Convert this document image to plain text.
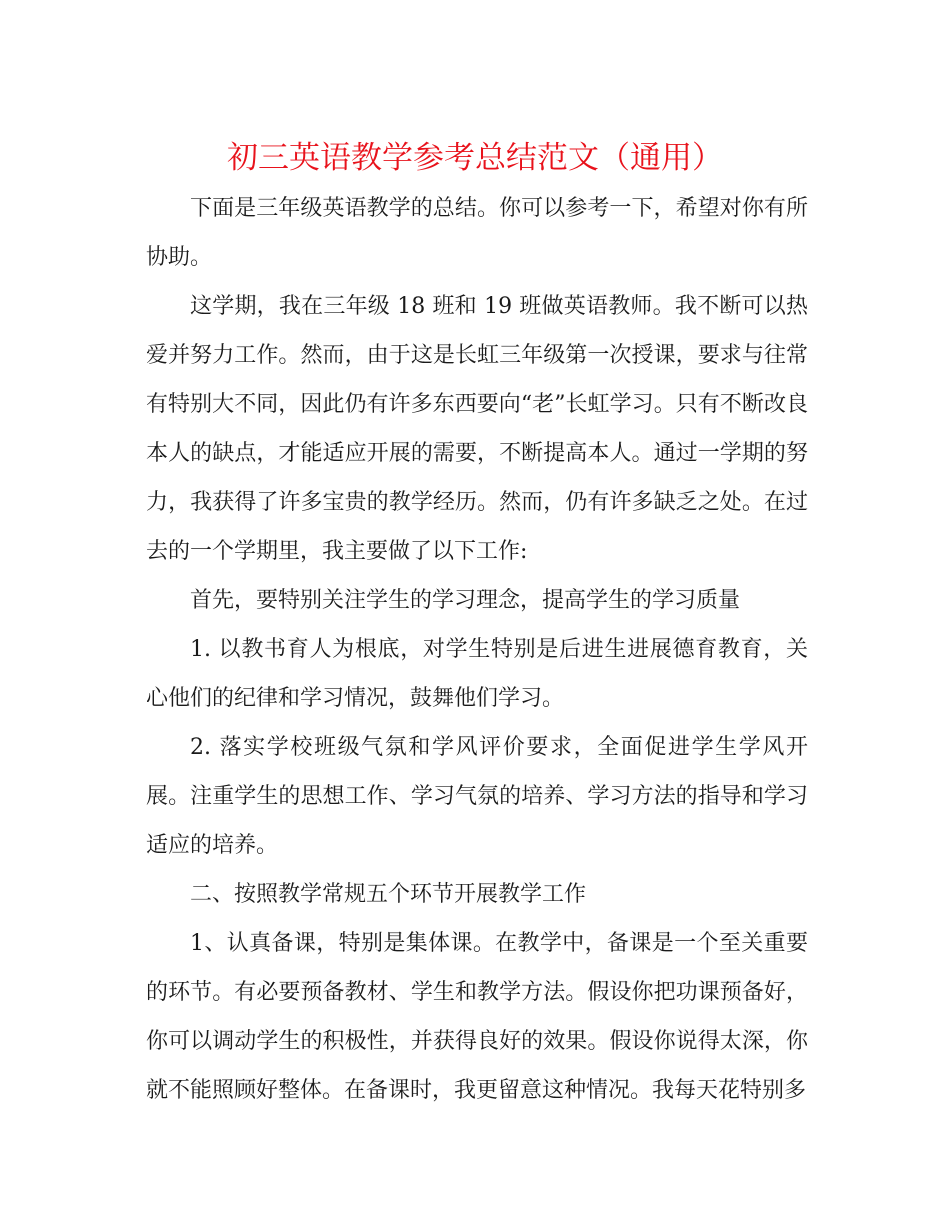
初三英语教学参考总结范文（通用）

下面是三年级英语教学的总结。你可以参考一下，希望对你有所协助。

这学期，我在三年级 18 班和 19 班做英语教师。我不断可以热爱并努力工作。然而，由于这是长虹三年级第一次授课，要求与往常有特别大不同，因此仍有许多东西要向“老”长虹学习。只有不断改良本人的缺点，才能适应开展的需要，不断提高本人。通过一学期的努力，我获得了许多宝贵的教学经历。然而，仍有许多缺乏之处。在过去的一个学期里，我主要做了以下工作:

首先，要特别关注学生的学习理念，提高学生的学习质量

1. 以教书育人为根底，对学生特别是后进生进展德育教育，关心他们的纪律和学习情况，鼓舞他们学习。

2. 落实学校班级气氛和学风评价要求，全面促进学生学风开展。注重学生的思想工作、学习气氛的培养、学习方法的指导和学习适应的培养。

二、按照教学常规五个环节开展教学工作

1、认真备课，特别是集体课。在教学中，备课是一个至关重要的环节。有必要预备教材、学生和教学方法。假设你把功课预备好，你可以调动学生的积极性，并获得良好的效果。假设你说得太深，你就不能照顾好整体。在备课时，我更留意这种情况。我每天花特别多
